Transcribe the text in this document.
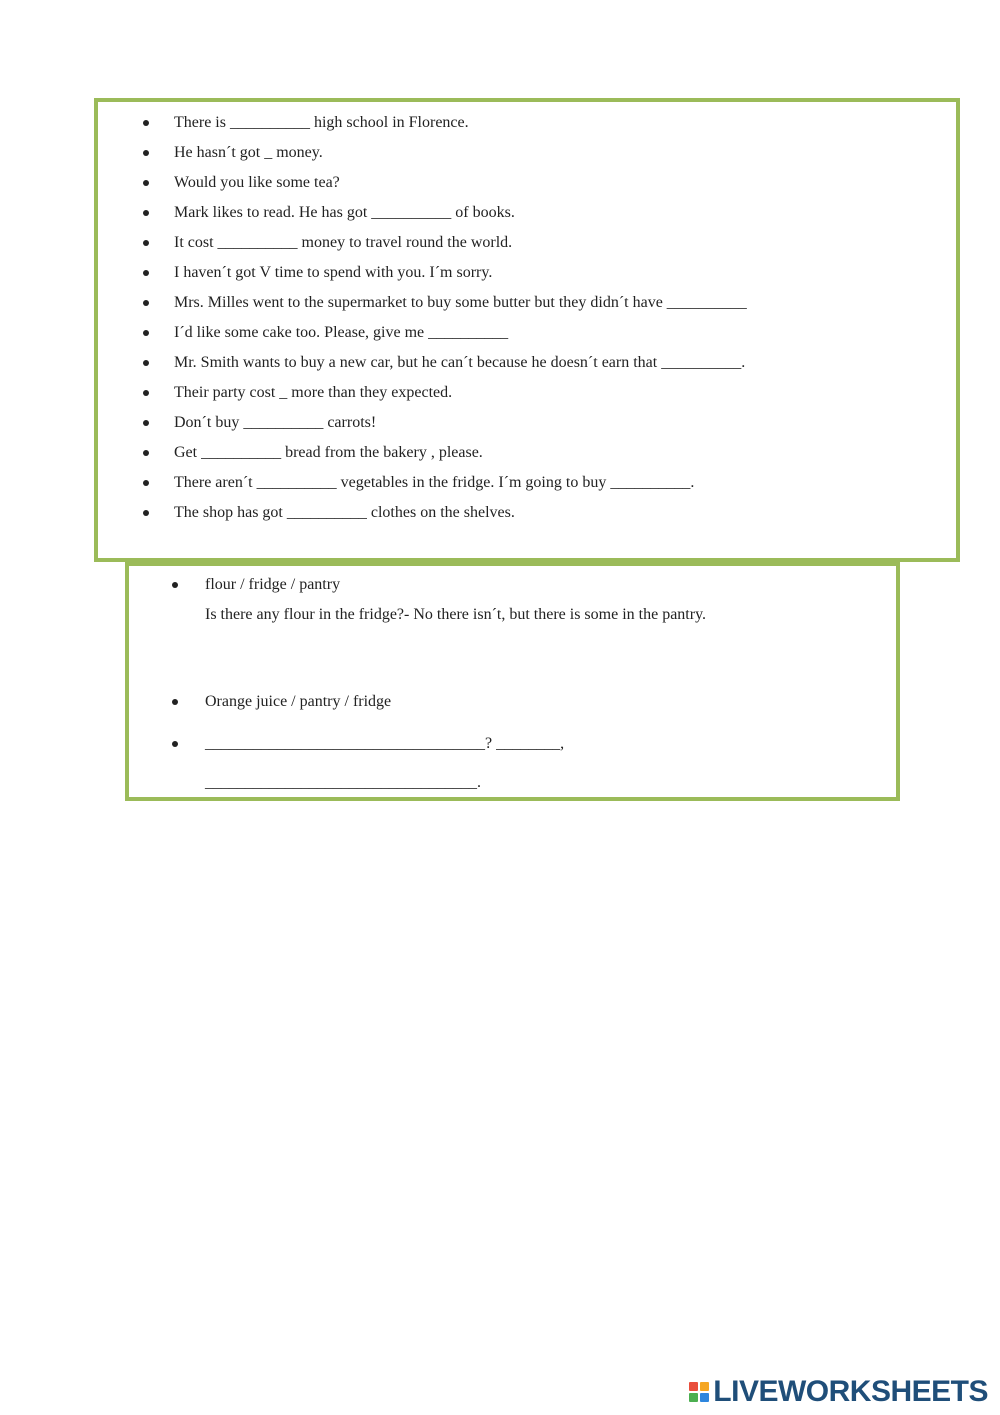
There is __________ high school in Florence.
He hasn´t got _ money.
Would you like some tea?
Mark likes to read. He has got __________ of books.
It cost __________ money to travel round the world.
I haven´t got V time to spend with you. I´m sorry.
Mrs. Milles went to the supermarket to buy some butter but they didn´t have __________
I´d like some cake too. Please, give me __________
Mr. Smith wants to buy a new car, but he can´t because he doesn´t earn that __________.
Their party cost _ more than they expected.
Don´t buy __________ carrots!
Get __________ bread from the bakery , please.
There aren´t __________ vegetables in the fridge. I´m going to buy __________.
The shop has got __________ clothes on the shelves.
flour / fridge / pantry
Is there any flour in the fridge?- No there isn´t, but there is some in the pantry.
Orange juice / pantry / fridge
___________________________________? ________,
__________________________________.
LIVEWORKSHEETS
